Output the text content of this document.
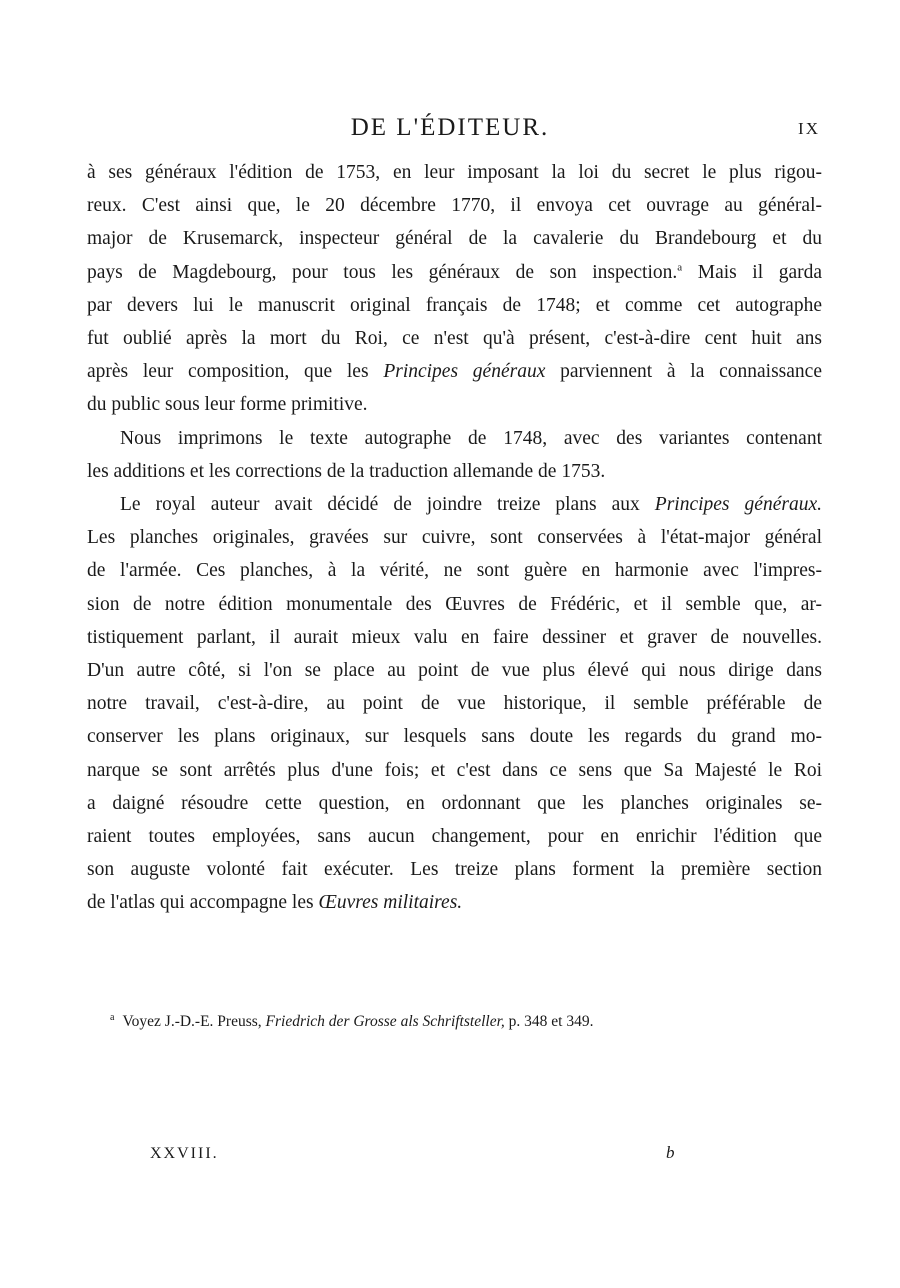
DE L'ÉDITEUR.	IX
à ses généraux l'édition de 1753, en leur imposant la loi du secret le plus rigou-
reux. C'est ainsi que, le 20 décembre 1770, il envoya cet ouvrage au général-
major de Krusemarck, inspecteur général de la cavalerie du Brandebourg et du
pays de Magdebourg, pour tous les généraux de son inspection.$^a$ Mais il garda
par devers lui le manuscrit original français de 1748; et comme cet autographe
fut oublié après la mort du Roi, ce n'est qu'à présent, c'est-à-dire cent huit ans
après leur composition, que les Principes généraux parviennent à la connaissance
du public sous leur forme primitive.
Nous imprimons le texte autographe de 1748, avec des variantes contenant
les additions et les corrections de la traduction allemande de 1753.
Le royal auteur avait décidé de joindre treize plans aux Principes généraux.
Les planches originales, gravées sur cuivre, sont conservées à l'état-major général
de l'armée. Ces planches, à la vérité, ne sont guère en harmonie avec l'impres-
sion de notre édition monumentale des Œuvres de Frédéric, et il semble que, ar-
tistiquement parlant, il aurait mieux valu en faire dessiner et graver de nouvelles.
D'un autre côté, si l'on se place au point de vue plus élevé qui nous dirige dans
notre travail, c'est-à-dire, au point de vue historique, il semble préférable de
conserver les plans originaux, sur lesquels sans doute les regards du grand mo-
narque se sont arrêtés plus d'une fois; et c'est dans ce sens que Sa Majesté le Roi
a daigné résoudre cette question, en ordonnant que les planches originales se-
raient toutes employées, sans aucun changement, pour en enrichir l'édition que
son auguste volonté fait exécuter. Les treize plans forment la première section
de l'atlas qui accompagne les Œuvres militaires.
$^a$ Voyez J.-D.-E. Preuss, Friedrich der Grosse als Schriftsteller, p. 348 et 349.
XXVIII.	b
